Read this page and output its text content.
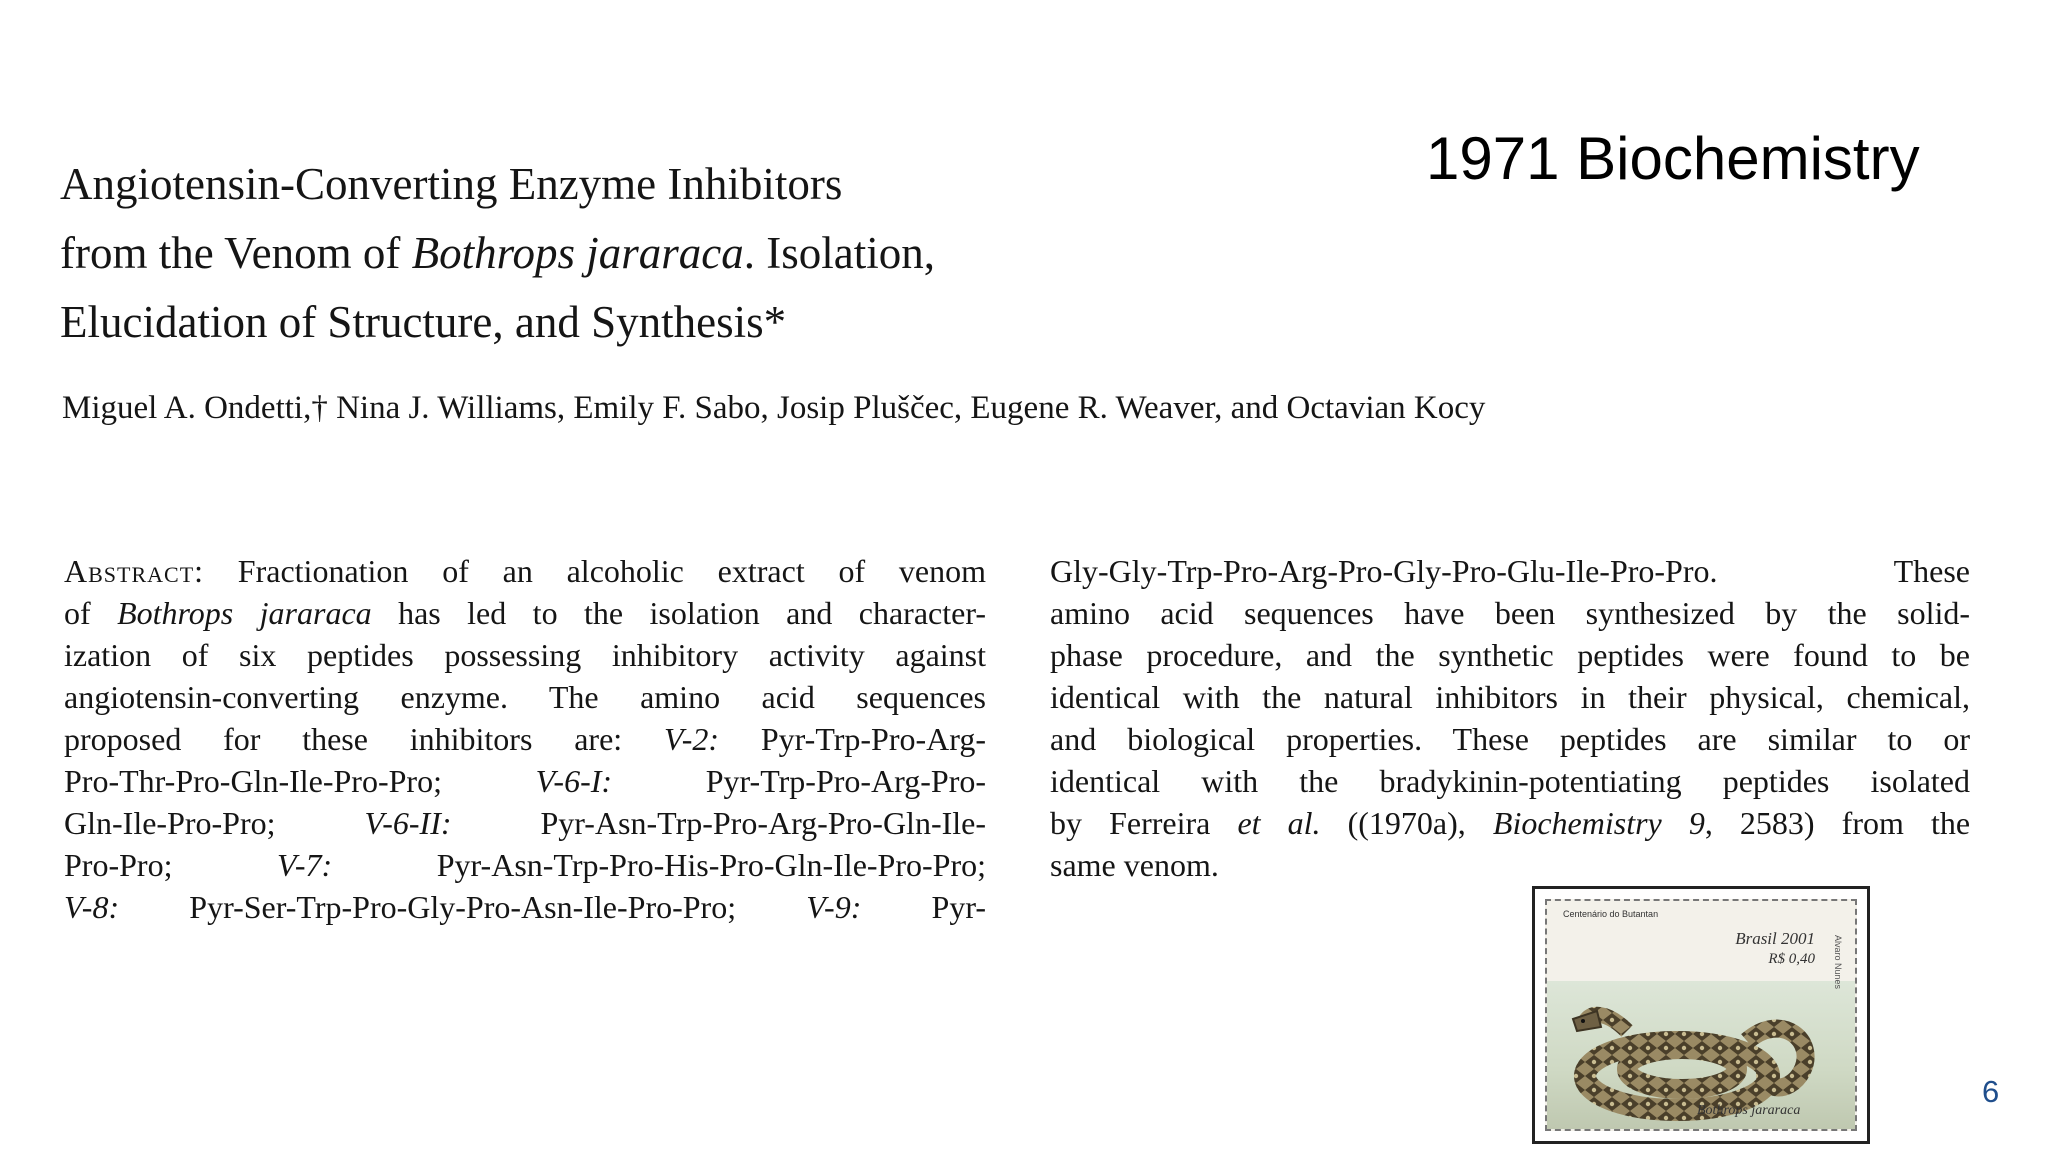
1971 Biochemistry
Angiotensin-Converting Enzyme Inhibitors
from the Venom of Bothrops jararaca. Isolation,
Elucidation of Structure, and Synthesis*
Miguel A. Ondetti,† Nina J. Williams, Emily F. Sabo, Josip Pluščec, Eugene R. Weaver, and Octavian Kocy
Abstract: Fractionation of an alcoholic extract of venom
of Bothrops jararaca has led to the isolation and character-
ization of six peptides possessing inhibitory activity against
angiotensin-converting enzyme. The amino acid sequences
proposed for these inhibitors are: V-2: Pyr-Trp-Pro-Arg-
Pro-Thr-Pro-Gln-Ile-Pro-Pro; V-6-I: Pyr-Trp-Pro-Arg-Pro-
Gln-Ile-Pro-Pro; V-6-II: Pyr-Asn-Trp-Pro-Arg-Pro-Gln-Ile-
Pro-Pro; V-7: Pyr-Asn-Trp-Pro-His-Pro-Gln-Ile-Pro-Pro;
V-8: Pyr-Ser-Trp-Pro-Gly-Pro-Asn-Ile-Pro-Pro; V-9: Pyr-
Gly-Gly-Trp-Pro-Arg-Pro-Gly-Pro-Glu-Ile-Pro-Pro. These
amino acid sequences have been synthesized by the solid-
phase procedure, and the synthetic peptides were found to be
identical with the natural inhibitors in their physical, chemical,
and biological properties. These peptides are similar to or
identical with the bradykinin-potentiating peptides isolated
by Ferreira et al. ((1970a), Biochemistry 9, 2583) from the
same venom.
Centenário do Butantan
Brasil 2001
R$ 0,40 Alvaro Nunes
Bothrops jararaca
6
